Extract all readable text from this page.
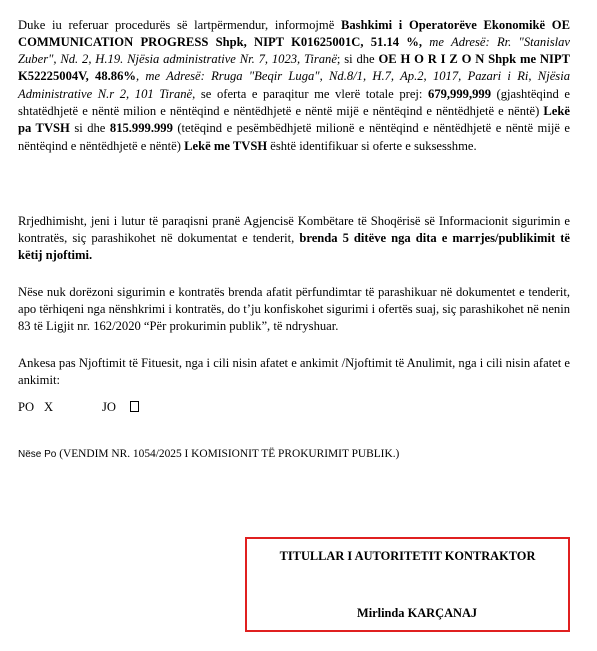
Duke iu referuar procedurës së lartpërmendur, informojmë Bashkimi i Operatorëve Ekonomikë OE COMMUNICATION PROGRESS Shpk, NIPT K01625001C, 51.14 %, me Adresë: Rr. "Stanislav Zuber", Nd. 2, H.19. Njësia administrative Nr. 7, 1023, Tiranë; si dhe OE H O R I Z O N Shpk me NIPT K52225004V, 48.86%, me Adresë: Rruga "Beqir Luga", Nd.8/1, H.7, Ap.2, 1017, Pazari i Ri, Njësia Administrative N.r 2, 101 Tiranë, se oferta e paraqitur me vlerë totale prej: 679,999,999 (gjashtëqind e shtatëdhjetë e nëntë milion e nëntëqind e nëntëdhjetë e nëntë mijë e nëntëqind e nëntëdhjetë e nëntë) Lekë pa TVSH si dhe 815.999.999 (tetëqind e pesëmbëdhjetë milionë e nëntëqind e nëntëdhjetë e nëntë mijë e nëntëqind e nëntëdhjetë e nëntë) Lekë me TVSH është identifikuar si oferte e suksesshme.

Rrjedhimisht, jeni i lutur të paraqisni pranë Agjencisë Kombëtare të Shoqërisë së Informacionit sigurimin e kontratës, siç parashikohet në dokumentat e tenderit, brenda 5 ditëve nga dita e marrjes/publikimit të këtij njoftimi.

Nëse nuk dorëzoni sigurimin e kontratës brenda afatit përfundimtar të parashikuar në dokumentet e tenderit, apo tërhiqeni nga nënshkrimi i kontratës, do t’ju konfiskohet sigurimi i ofertës suaj, siç parashikohet në nenin 83 të Ligjit nr. 162/2020 “Për prokurimin publik”, të ndryshuar.

Ankesa pas Njoftimit të Fituesit, nga i cili nisin afatet e ankimit /Njoftimit të Anulimit, nga i cili nisin afatet e ankimit:

PO X	JO

Nëse Po (VENDIM NR. 1054/2025 I KOMISIONIT TË PROKURIMIT PUBLIK.)

TITULLAR I AUTORITETIT KONTRAKTOR
Mirlinda KARÇANAJ
